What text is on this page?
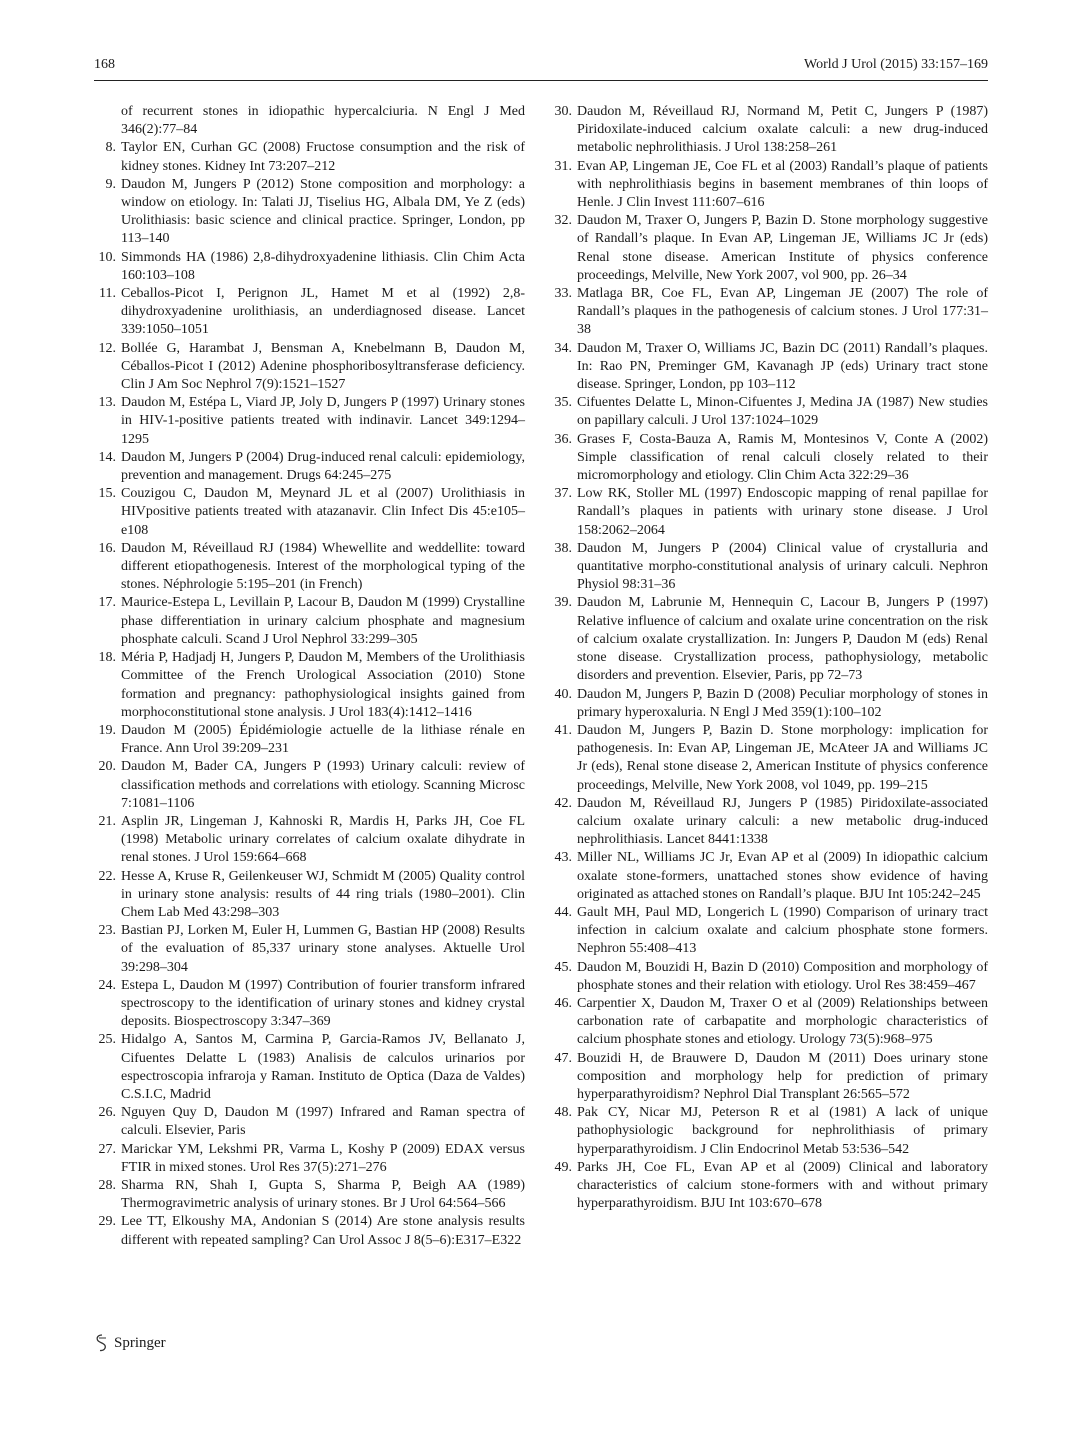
168	World J Urol (2015) 33:157–169
of recurrent stones in idiopathic hypercalciuria. N Engl J Med 346(2):77–84
8. Taylor EN, Curhan GC (2008) Fructose consumption and the risk of kidney stones. Kidney Int 73:207–212
9. Daudon M, Jungers P (2012) Stone composition and morphology: a window on etiology. In: Talati JJ, Tiselius HG, Albala DM, Ye Z (eds) Urolithiasis: basic science and clinical practice. Springer, London, pp 113–140
10. Simmonds HA (1986) 2,8-dihydroxyadenine lithiasis. Clin Chim Acta 160:103–108
11. Ceballos-Picot I, Perignon JL, Hamet M et al (1992) 2,8-dihydroxyadenine urolithiasis, an underdiagnosed disease. Lancet 339:1050–1051
12. Bollée G, Harambat J, Bensman A, Knebelmann B, Daudon M, Céballos-Picot I (2012) Adenine phosphoribosyltransferase deficiency. Clin J Am Soc Nephrol 7(9):1521–1527
13. Daudon M, Estépa L, Viard JP, Joly D, Jungers P (1997) Urinary stones in HIV-1-positive patients treated with indinavir. Lancet 349:1294–1295
14. Daudon M, Jungers P (2004) Drug-induced renal calculi: epidemiology, prevention and management. Drugs 64:245–275
15. Couzigou C, Daudon M, Meynard JL et al (2007) Urolithiasis in HIVpositive patients treated with atazanavir. Clin Infect Dis 45:e105–e108
16. Daudon M, Réveillaud RJ (1984) Whewellite and weddellite: toward different etiopathogenesis. Interest of the morphological typing of the stones. Néphrologie 5:195–201 (in French)
17. Maurice-Estepa L, Levillain P, Lacour B, Daudon M (1999) Crystalline phase differentiation in urinary calcium phosphate and magnesium phosphate calculi. Scand J Urol Nephrol 33:299–305
18. Méria P, Hadjadj H, Jungers P, Daudon M, Members of the Urolithiasis Committee of the French Urological Association (2010) Stone formation and pregnancy: pathophysiological insights gained from morphoconstitutional stone analysis. J Urol 183(4):1412–1416
19. Daudon M (2005) Épidémiologie actuelle de la lithiase rénale en France. Ann Urol 39:209–231
20. Daudon M, Bader CA, Jungers P (1993) Urinary calculi: review of classification methods and correlations with etiology. Scanning Microsc 7:1081–1106
21. Asplin JR, Lingeman J, Kahnoski R, Mardis H, Parks JH, Coe FL (1998) Metabolic urinary correlates of calcium oxalate dihydrate in renal stones. J Urol 159:664–668
22. Hesse A, Kruse R, Geilenkeuser WJ, Schmidt M (2005) Quality control in urinary stone analysis: results of 44 ring trials (1980–2001). Clin Chem Lab Med 43:298–303
23. Bastian PJ, Lorken M, Euler H, Lummen G, Bastian HP (2008) Results of the evaluation of 85,337 urinary stone analyses. Aktuelle Urol 39:298–304
24. Estepa L, Daudon M (1997) Contribution of fourier transform infrared spectroscopy to the identification of urinary stones and kidney crystal deposits. Biospectroscopy 3:347–369
25. Hidalgo A, Santos M, Carmina P, Garcia-Ramos JV, Bellanato J, Cifuentes Delatte L (1983) Analisis de calculos urinarios por espectroscopia infraroja y Raman. Instituto de Optica (Daza de Valdes) C.S.I.C, Madrid
26. Nguyen Quy D, Daudon M (1997) Infrared and Raman spectra of calculi. Elsevier, Paris
27. Marickar YM, Lekshmi PR, Varma L, Koshy P (2009) EDAX versus FTIR in mixed stones. Urol Res 37(5):271–276
28. Sharma RN, Shah I, Gupta S, Sharma P, Beigh AA (1989) Thermogravimetric analysis of urinary stones. Br J Urol 64:564–566
29. Lee TT, Elkoushy MA, Andonian S (2014) Are stone analysis results different with repeated sampling? Can Urol Assoc J 8(5–6):E317–E322
30. Daudon M, Réveillaud RJ, Normand M, Petit C, Jungers P (1987) Piridoxilate-induced calcium oxalate calculi: a new drug-induced metabolic nephrolithiasis. J Urol 138:258–261
31. Evan AP, Lingeman JE, Coe FL et al (2003) Randall’s plaque of patients with nephrolithiasis begins in basement membranes of thin loops of Henle. J Clin Invest 111:607–616
32. Daudon M, Traxer O, Jungers P, Bazin D. Stone morphology suggestive of Randall’s plaque. In Evan AP, Lingeman JE, Williams JC Jr (eds) Renal stone disease. American Institute of physics conference proceedings, Melville, New York 2007, vol 900, pp. 26–34
33. Matlaga BR, Coe FL, Evan AP, Lingeman JE (2007) The role of Randall’s plaques in the pathogenesis of calcium stones. J Urol 177:31–38
34. Daudon M, Traxer O, Williams JC, Bazin DC (2011) Randall’s plaques. In: Rao PN, Preminger GM, Kavanagh JP (eds) Urinary tract stone disease. Springer, London, pp 103–112
35. Cifuentes Delatte L, Minon-Cifuentes J, Medina JA (1987) New studies on papillary calculi. J Urol 137:1024–1029
36. Grases F, Costa-Bauza A, Ramis M, Montesinos V, Conte A (2002) Simple classification of renal calculi closely related to their micromorphology and etiology. Clin Chim Acta 322:29–36
37. Low RK, Stoller ML (1997) Endoscopic mapping of renal papillae for Randall’s plaques in patients with urinary stone disease. J Urol 158:2062–2064
38. Daudon M, Jungers P (2004) Clinical value of crystalluria and quantitative morpho-constitutional analysis of urinary calculi. Nephron Physiol 98:31–36
39. Daudon M, Labrunie M, Hennequin C, Lacour B, Jungers P (1997) Relative influence of calcium and oxalate urine concentration on the risk of calcium oxalate crystallization. In: Jungers P, Daudon M (eds) Renal stone disease. Crystallization process, pathophysiology, metabolic disorders and prevention. Elsevier, Paris, pp 72–73
40. Daudon M, Jungers P, Bazin D (2008) Peculiar morphology of stones in primary hyperoxaluria. N Engl J Med 359(1):100–102
41. Daudon M, Jungers P, Bazin D. Stone morphology: implication for pathogenesis. In: Evan AP, Lingeman JE, McAteer JA and Williams JC Jr (eds), Renal stone disease 2, American Institute of physics conference proceedings, Melville, New York 2008, vol 1049, pp. 199–215
42. Daudon M, Réveillaud RJ, Jungers P (1985) Piridoxilate-associated calcium oxalate urinary calculi: a new metabolic drug-induced nephrolithiasis. Lancet 8441:1338
43. Miller NL, Williams JC Jr, Evan AP et al (2009) In idiopathic calcium oxalate stone-formers, unattached stones show evidence of having originated as attached stones on Randall’s plaque. BJU Int 105:242–245
44. Gault MH, Paul MD, Longerich L (1990) Comparison of urinary tract infection in calcium oxalate and calcium phosphate stone formers. Nephron 55:408–413
45. Daudon M, Bouzidi H, Bazin D (2010) Composition and morphology of phosphate stones and their relation with etiology. Urol Res 38:459–467
46. Carpentier X, Daudon M, Traxer O et al (2009) Relationships between carbonation rate of carbapatite and morphologic characteristics of calcium phosphate stones and etiology. Urology 73(5):968–975
47. Bouzidi H, de Brauwere D, Daudon M (2011) Does urinary stone composition and morphology help for prediction of primary hyperparathyroidism? Nephrol Dial Transplant 26:565–572
48. Pak CY, Nicar MJ, Peterson R et al (1981) A lack of unique pathophysiologic background for nephrolithiasis of primary hyperparathyroidism. J Clin Endocrinol Metab 53:536–542
49. Parks JH, Coe FL, Evan AP et al (2009) Clinical and laboratory characteristics of calcium stone-formers with and without primary hyperparathyroidism. BJU Int 103:670–678
Springer
